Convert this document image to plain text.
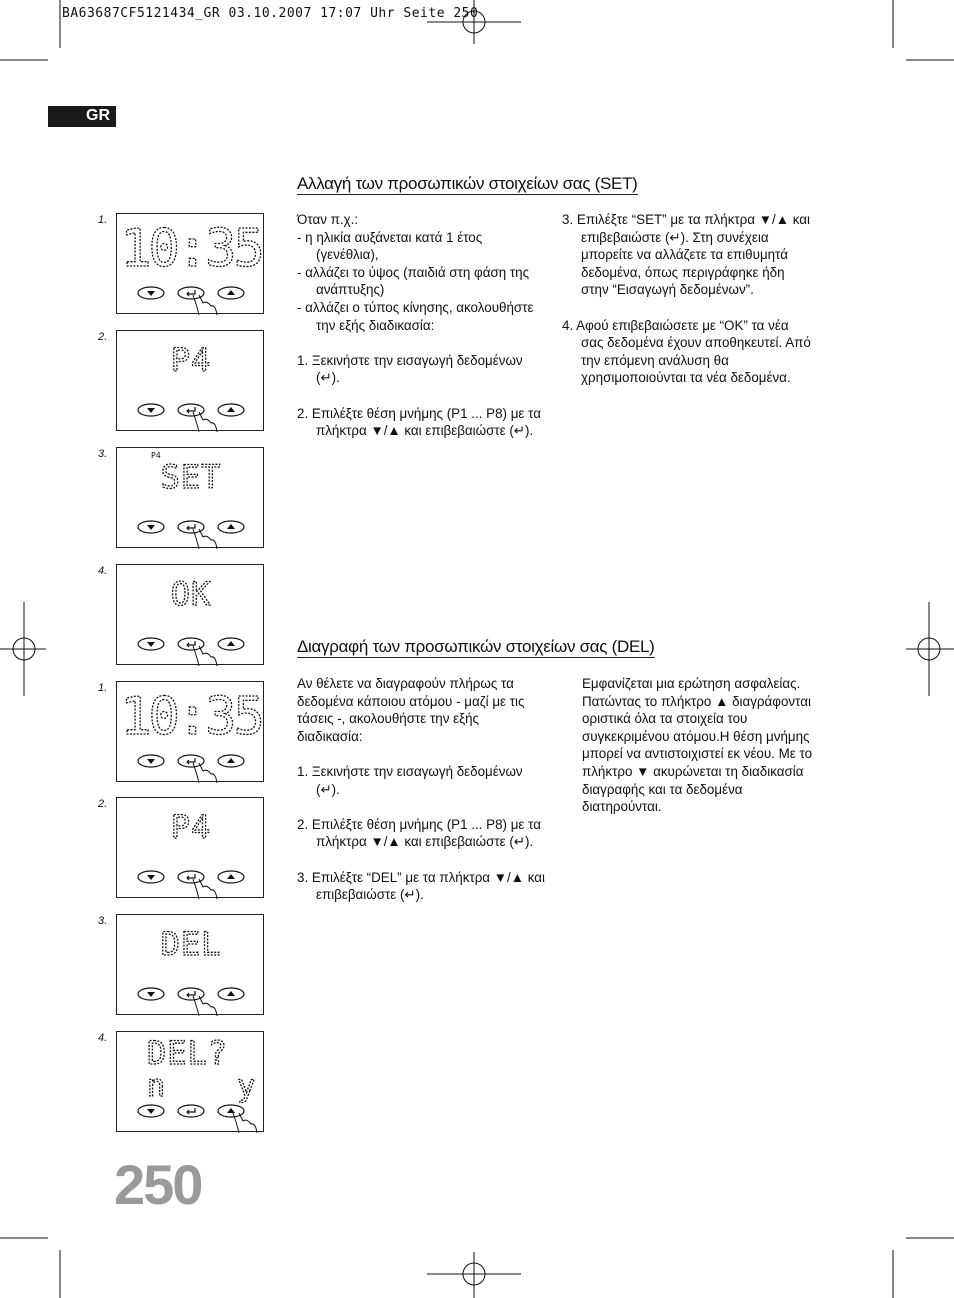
BA63687CF5121434_GR 03.10.2007 17:07 Uhr Seite 250
GR
Αλλαγή των προσωπικών στοιχείων σας (SET)

Όταν π.χ.:

- η ηλικία αυξάνεται κατά 1 έτος (γενέθλια),

- αλλάζει το ύψος (παιδιά στη φάση της ανάπτυξης)

- αλλάζει ο τύπος κίνησης, ακολουθήστε την εξής διαδικασία:

1. Ξεκινήστε την εισαγωγή δεδομένων (↵).

2. Επιλέξτε θέση μνήμης (P1 ... P8) με τα πλήκτρα ▼/▲ και επιβεβαιώστε (↵).

3. Επιλέξτε “SET” με τα πλήκτρα ▼/▲ και επιβεβαιώστε (↵). Στη συνέχεια μπορείτε να αλλάζετε τα επιθυμητά δεδομένα, όπως περιγράφηκε ήδη στην “Εισαγωγή δεδομένων”.

4. Αφού επιβεβαιώσετε με “OK” τα νέα σας δεδομένα έχουν αποθηκευτεί. Από την επόμενη ανάλυση θα χρησιμοποιούνται τα νέα δεδομένα.

Διαγραφή των προσωπικών στοιχείων σας (DEL)

Αν θέλετε να διαγραφούν πλήρως τα δεδομένα κάποιου ατόμου - μαζί με τις τάσεις -, ακολουθήστε την εξής διαδικασία:

1. Ξεκινήστε την εισαγωγή δεδομένων (↵).

2. Επιλέξτε θέση μνήμης (P1 ... P8) με τα πλήκτρα ▼/▲ και επιβεβαιώστε (↵).

3. Επιλέξτε “DEL” με τα πλήκτρα ▼/▲ και επιβεβαιώστε (↵).

Εμφανίζεται μια ερώτηση ασφαλείας. Πατώντας το πλήκτρο ▲ διαγράφονται οριστικά όλα τα στοιχεία του συγκεκριμένου ατόμου.Η θέση μνήμης μπορεί να αντιστοιχιστεί εκ νέου. Με το πλήκτρο ▼ ακυρώνεται τη διαδικασία διαγραφής και τα δεδομένα διατηρούνται.

1. 10:35
2.
P4
3.
SET
P4
4.
OK
1. 10:35
2.
P4
3.
DEL
4. DEL?
n    y
250
